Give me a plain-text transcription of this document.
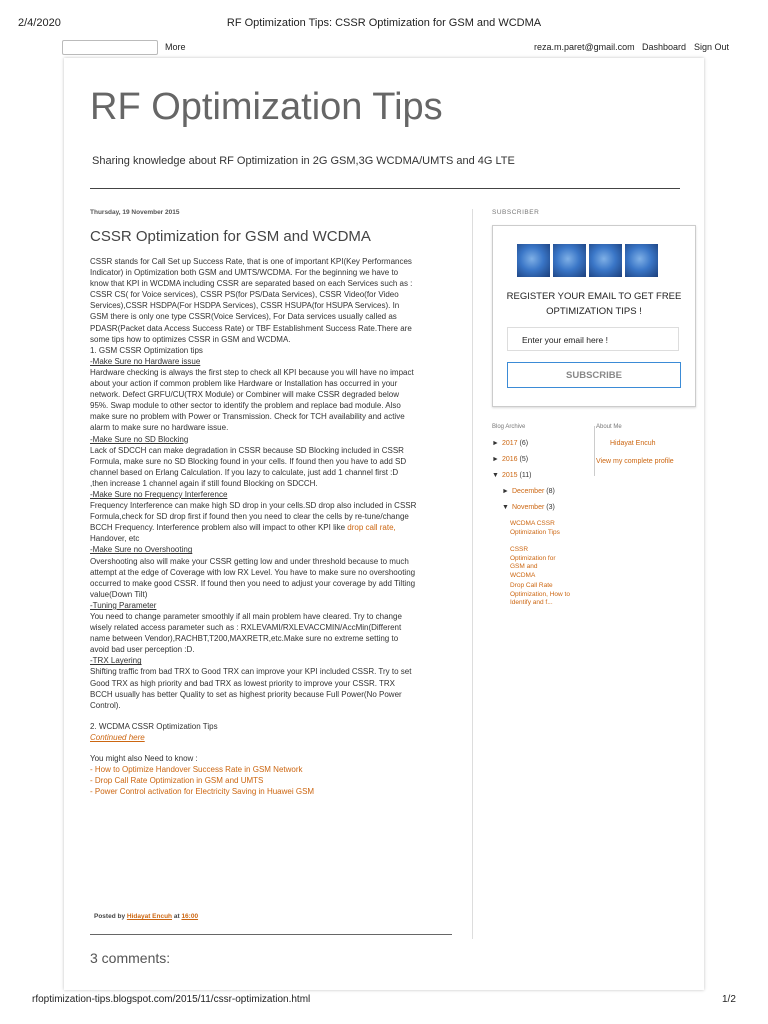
2/4/2020	RF Optimization Tips: CSSR Optimization for GSM and WCDMA
More	reza.m.paret@gmail.com Dashboard Sign Out
RF Optimization Tips
Sharing knowledge about RF Optimization in 2G GSM,3G WCDMA/UMTS and 4G LTE
Thursday, 19 November 2015
CSSR Optimization for GSM and WCDMA

CSSR stands for Call Set up Success Rate, that is one of important KPI(Key Performances

Indicator) in Optimization both GSM and UMTS/WCDMA. For the beginning we have to

know that KPI in WCDMA including CSSR are separated based on each Services such as :

CSSR CS( for Voice services), CSSR PS(for PS/Data Services), CSSR Video(for Video

Services),CSSR HSDPA(For HSDPA Services), CSSR HSUPA(for HSUPA Services). In

GSM there is only one type CSSR(Voice Services), For Data services usually called as

PDASR(Packet data Access Success Rate) or TBF Establishment Success Rate.There are

some tips how to optimizes CSSR in GSM and WCDMA.

1. GSM CSSR Optimization tips

-Make Sure no Hardware issue

Hardware checking is always the first step to check all KPI because you will have no impact

about your action if common problem like Hardware or Installation has occurred in your

network. Defect GRFU/CU(TRX Module) or Combiner will make CSSR degraded below

95%. Swap module to other sector to identify the problem and replace bad module. Also

make sure no problem with Power or Transmission. Check for TCH availability and active

alarm to make sure no hardware issue.

-Make Sure no SD Blocking

Lack of SDCCH can make degradation in CSSR because SD Blocking included in CSSR

Formula, make sure no SD Blocking found in your cells. If found then you have to add SD

channel based on Erlang Calculation. If you lazy to calculate, just add 1 channel first :D

,then increase 1 channel again if still found Blocking on SDCCH.

-Make Sure no Frequency Interference

Frequency Interference can make high SD drop in your cells.SD drop also included in CSSR

Formula,check for SD drop first if found then you need to clear the cells by re-tune/change

BCCH Frequency. Interference problem also will impact to other KPI like drop call rate,

Handover, etc

-Make Sure no Overshooting

Overshooting also will make your CSSR getting low and under threshold because to much

attempt at the edge of Coverage with low RX Level. You have to make sure no overshooting

occurred to make good CSSR. If found then you need to adjust your coverage by add Tilting

value(Down Tilt)

-Tuning Parameter

You need to change parameter smoothly if all main problem have cleared. Try to change

wisely related access parameter such as : RXLEVAMI/RXLEVACCMIN/AccMin(Different

name between Vendor),RACHBT,T200,MAXRETR,etc.Make sure no extreme setting to

avoid bad user perception :D.

-TRX Layering

Shifting traffic from bad TRX to Good TRX can improve your KPI included CSSR. Try to set

Good TRX as high priority and bad TRX as lowest priority to improve your CSSR. TRX

BCCH usually has better Quality to set as highest priority because Full Power(No Power

Control).

2. WCDMA CSSR Optimization Tips

Continued here

You might also Need to know :

- How to Optimize Handover Success Rate in GSM Network

- Drop Call Rate Optimization in GSM and UMTS

- Power Control activation for Electricity Saving in Huawei GSM

Posted by Hidayat Encuh at 16:00
3 comments:
SUBSCRIBER
REGISTER YOUR EMAIL TO GET FREE OPTIMIZATION TIPS !
Enter your email here !
SUBSCRIBE
Blog Archive
► 2017 (6)
► 2016 (5)
▼ 2015 (11)
► December (8)
▼ November (3)
WCDMA CSSR Optimization Tips
CSSR Optimization for GSM and WCDMA
Drop Call Rate Optimization, How to Identify and f...
About Me
Hidayat Encuh
View my complete profile
rfoptimization-tips.blogspot.com/2015/11/cssr-optimization.html	1/2
